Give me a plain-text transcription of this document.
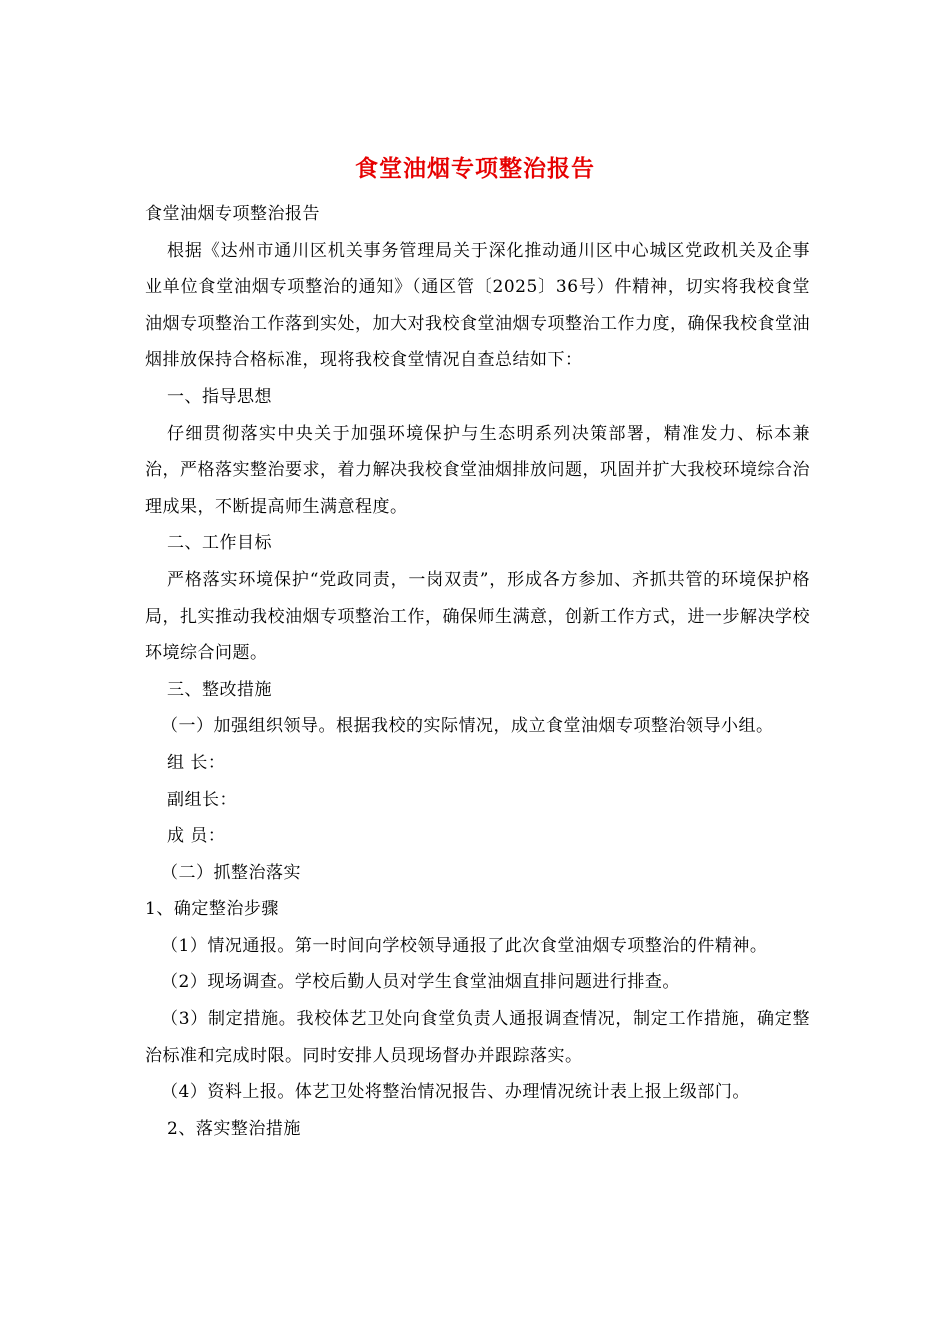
食堂油烟专项整治报告

食堂油烟专项整治报告

根据《达州市通川区机关事务管理局关于深化推动通川区中心城区党政机关及企事业单位食堂油烟专项整治的通知》（通区管〔2025〕36号）件精神，切实将我校食堂油烟专项整治工作落到实处，加大对我校食堂油烟专项整治工作力度，确保我校食堂油烟排放保持合格标准，现将我校食堂情况自查总结如下：

一、指导思想

仔细贯彻落实中央关于加强环境保护与生态明系列决策部署，精准发力、标本兼治，严格落实整治要求，着力解决我校食堂油烟排放问题，巩固并扩大我校环境综合治理成果，不断提高师生满意程度。

二、工作目标

严格落实环境保护“党政同责，一岗双责”，形成各方参加、齐抓共管的环境保护格局，扎实推动我校油烟专项整治工作，确保师生满意，创新工作方式，进一步解决学校环境综合问题。

三、整改措施

（一）加强组织领导。根据我校的实际情况，成立食堂油烟专项整治领导小组。

组 长：

副组长：

成 员：

（二）抓整治落实

1、确定整治步骤

（1）情况通报。第一时间向学校领导通报了此次食堂油烟专项整治的件精神。

（2）现场调查。学校后勤人员对学生食堂油烟直排问题进行排查。

（3）制定措施。我校体艺卫处向食堂负责人通报调查情况，制定工作措施，确定整治标准和完成时限。同时安排人员现场督办并跟踪落实。

（4）资料上报。体艺卫处将整治情况报告、办理情况统计表上报上级部门。

2、落实整治措施
